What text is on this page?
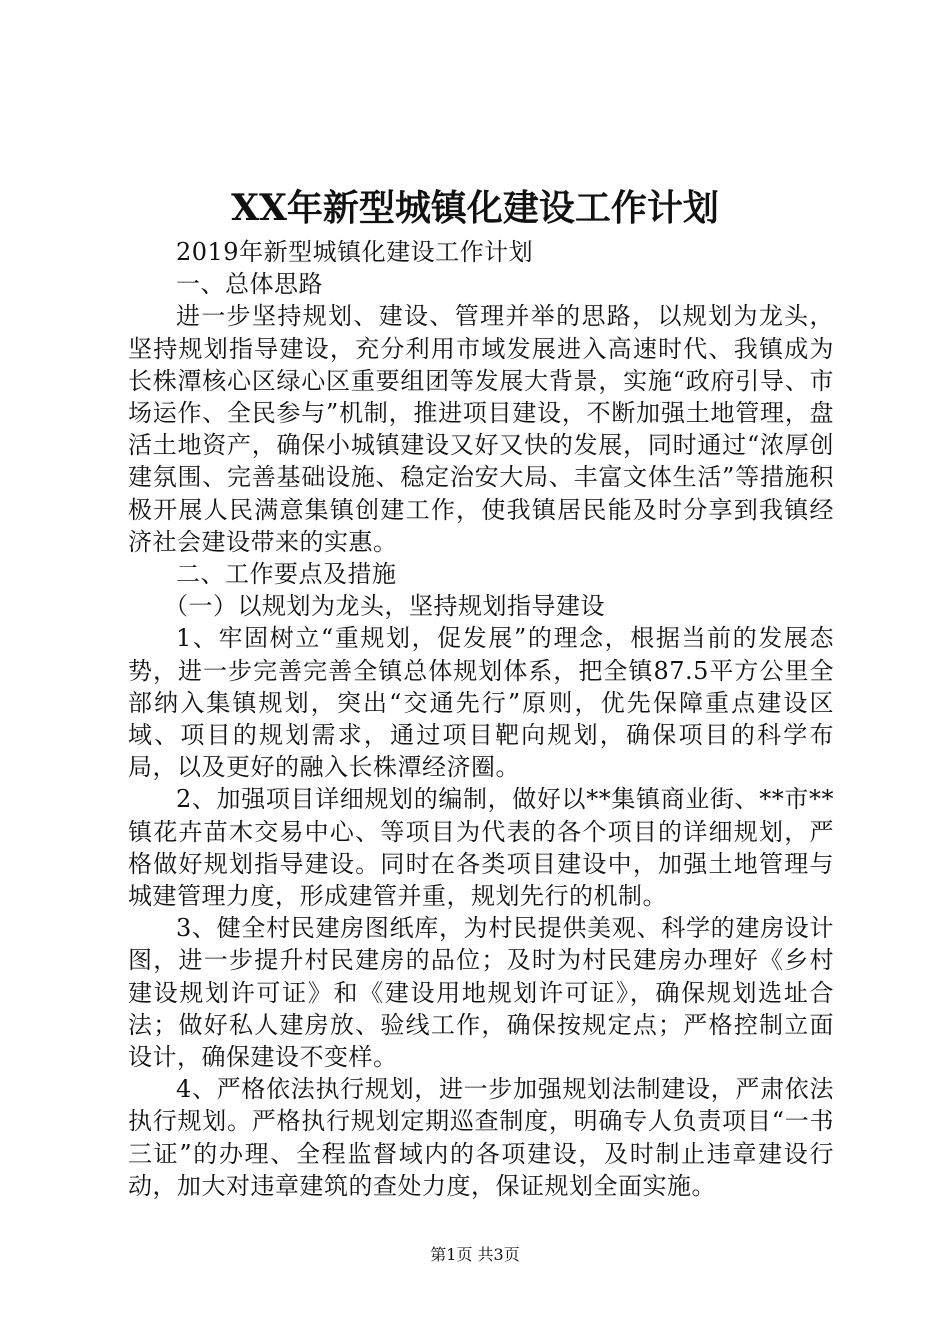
XX年新型城镇化建设工作计划

2019年新型城镇化建设工作计划

一、总体思路

进一步坚持规划、建设、管理并举的思路，以规划为龙头，坚持规划指导建设，充分利用市域发展进入高速时代、我镇成为长株潭核心区绿心区重要组团等发展大背景，实施“政府引导、市场运作、全民参与”机制，推进项目建设，不断加强土地管理，盘活土地资产，确保小城镇建设又好又快的发展，同时通过“浓厚创建氛围、完善基础设施、稳定治安大局、丰富文体生活”等措施积极开展人民满意集镇创建工作，使我镇居民能及时分享到我镇经济社会建设带来的实惠。

二、工作要点及措施

（一）以规划为龙头，坚持规划指导建设

1、牢固树立“重规划，促发展”的理念，根据当前的发展态势，进一步完善完善全镇总体规划体系，把全镇87.5平方公里全部纳入集镇规划，突出“交通先行”原则，优先保障重点建设区域、项目的规划需求，通过项目靶向规划，确保项目的科学布局，以及更好的融入长株潭经济圈。

2、加强项目详细规划的编制，做好以**集镇商业街、**市**镇花卉苗木交易中心、等项目为代表的各个项目的详细规划，严格做好规划指导建设。同时在各类项目建设中，加强土地管理与城建管理力度，形成建管并重，规划先行的机制。

3、健全村民建房图纸库，为村民提供美观、科学的建房设计图，进一步提升村民建房的品位；及时为村民建房办理好《乡村建设规划许可证》和《建设用地规划许可证》，确保规划选址合法；做好私人建房放、验线工作，确保按规定点；严格控制立面设计，确保建设不变样。

4、严格依法执行规划，进一步加强规划法制建设，严肃依法执行规划。严格执行规划定期巡查制度，明确专人负责项目“一书三证”的办理、全程监督域内的各项建设，及时制止违章建设行动，加大对违章建筑的查处力度，保证规划全面实施。

第1页 共3页
